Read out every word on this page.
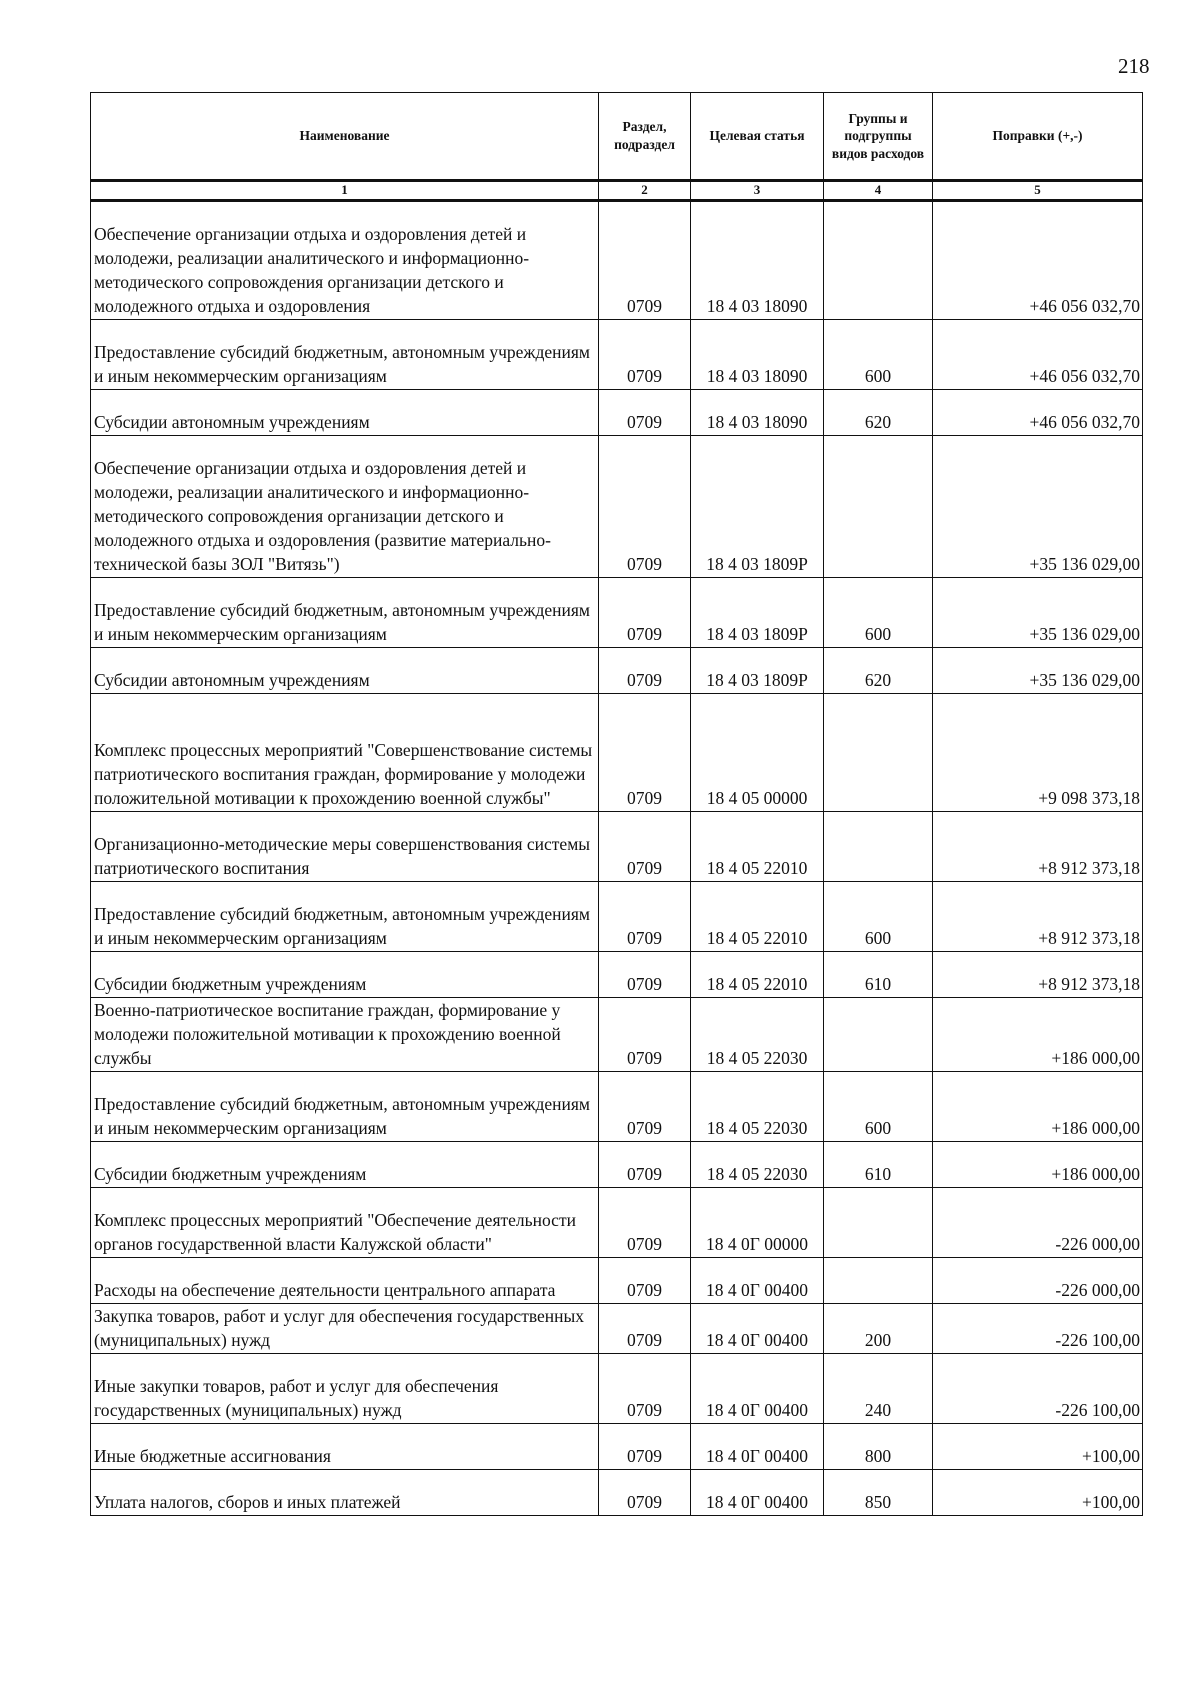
218
Наименование	Раздел, подраздел	Целевая статья	Группы и подгруппы видов расходов	Поправки (+,-)
1	2	3	4	5
Обеспечение организации отдыха и оздоровления детей и молодежи, реализации аналитического и информационно-методического сопровождения организации детского и молодежного отдыха и оздоровления	0709	18 4 03 18090		+46 056 032,70
Предоставление субсидий бюджетным, автономным учреждениям и иным некоммерческим организациям	0709	18 4 03 18090	600	+46 056 032,70
Субсидии автономным учреждениям	0709	18 4 03 18090	620	+46 056 032,70
Обеспечение организации отдыха и оздоровления детей и молодежи, реализации аналитического и информационно-методического сопровождения организации детского и молодежного отдыха и оздоровления (развитие материально-технической базы ЗОЛ "Витязь")	0709	18 4 03 1809Р		+35 136 029,00
Предоставление субсидий бюджетным, автономным учреждениям и иным некоммерческим организациям	0709	18 4 03 1809Р	600	+35 136 029,00
Субсидии автономным учреждениям	0709	18 4 03 1809Р	620	+35 136 029,00
Комплекс процессных мероприятий "Совершенствование системы патриотического воспитания граждан, формирование у молодежи положительной мотивации к прохождению военной службы"	0709	18 4 05 00000		+9 098 373,18
Организационно-методические меры совершенствования системы патриотического воспитания	0709	18 4 05 22010		+8 912 373,18
Предоставление субсидий бюджетным, автономным учреждениям и иным некоммерческим организациям	0709	18 4 05 22010	600	+8 912 373,18
Субсидии бюджетным учреждениям	0709	18 4 05 22010	610	+8 912 373,18
Военно-патриотическое воспитание граждан, формирование у молодежи положительной мотивации к прохождению военной службы	0709	18 4 05 22030		+186 000,00
Предоставление субсидий бюджетным, автономным учреждениям и иным некоммерческим организациям	0709	18 4 05 22030	600	+186 000,00
Субсидии бюджетным учреждениям	0709	18 4 05 22030	610	+186 000,00
Комплекс процессных мероприятий "Обеспечение деятельности органов государственной власти Калужской области"	0709	18 4 0Г 00000		-226 000,00
Расходы на обеспечение деятельности центрального аппарата	0709	18 4 0Г 00400		-226 000,00
Закупка товаров, работ и услуг для обеспечения государственных (муниципальных) нужд	0709	18 4 0Г 00400	200	-226 100,00
Иные закупки товаров, работ и услуг для обеспечения государственных (муниципальных) нужд	0709	18 4 0Г 00400	240	-226 100,00
Иные бюджетные ассигнования	0709	18 4 0Г 00400	800	+100,00
Уплата налогов, сборов и иных платежей	0709	18 4 0Г 00400	850	+100,00
